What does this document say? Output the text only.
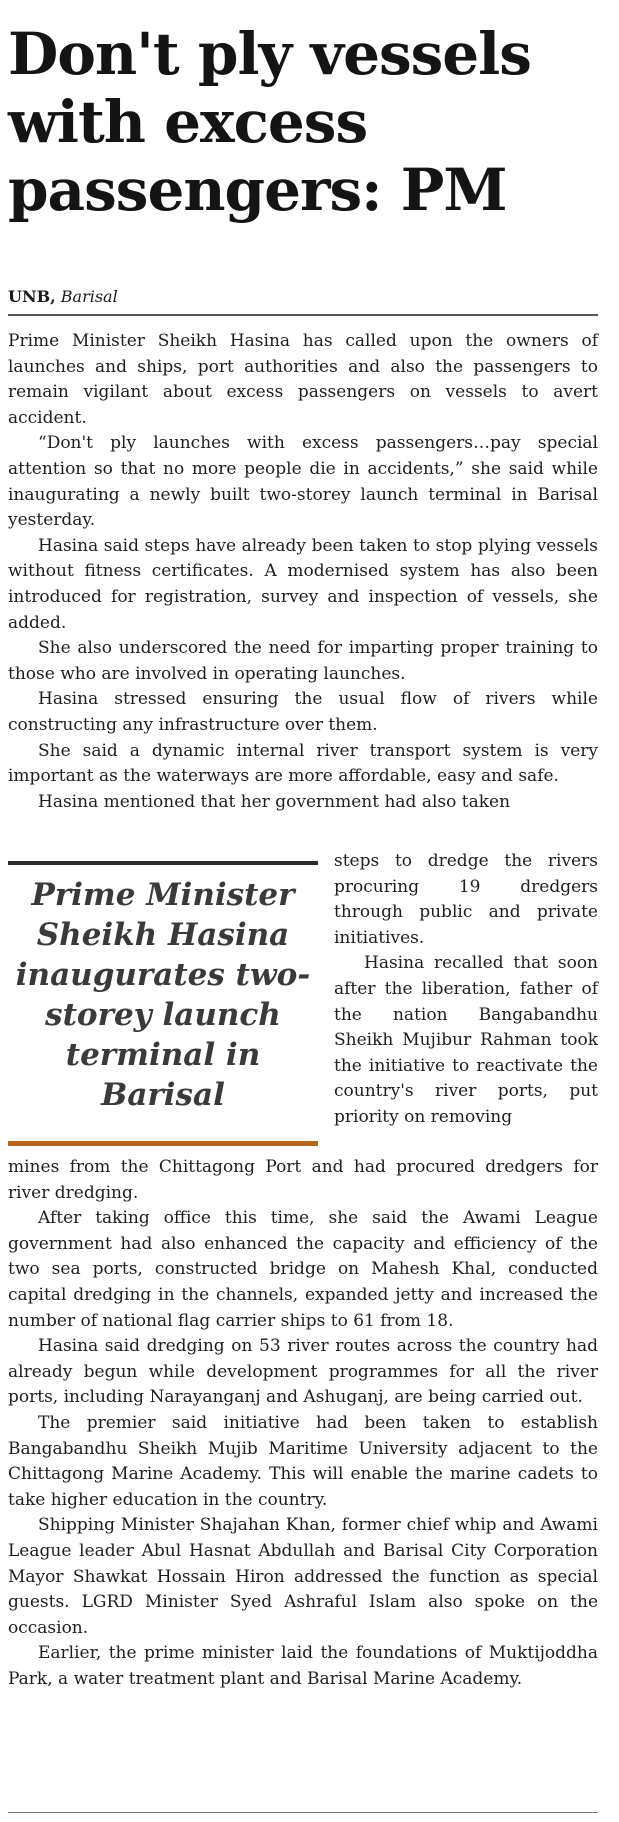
Don't ply vessels with excess passengers: PM
UNB, Barisal

Prime Minister Sheikh Hasina has called upon the owners of launches and ships, port authorities and also the passengers to remain vigilant about excess passengers on vessels to avert accident.

“Don't ply launches with excess passengers…pay special attention so that no more people die in accidents,” she said while inaugurating a newly built two-storey launch terminal in Barisal yesterday.

Hasina said steps have already been taken to stop plying vessels without fitness certificates. A modernised system has also been introduced for registration, survey and inspection of vessels, she added.

She also underscored the need for imparting proper training to those who are involved in operating launches.

Hasina stressed ensuring the usual flow of rivers while constructing any infrastructure over them.

She said a dynamic internal river transport system is very important as the waterways are more affordable, easy and safe.

Hasina mentioned that her government had also taken

Prime Minister Sheikh Hasina inaugurates two-storey launch terminal in Barisal

steps to dredge the rivers procuring 19 dredgers through public and private initiatives.

Hasina recalled that soon after the liberation, father of the nation Bangabandhu Sheikh Mujibur Rahman took the initiative to reactivate the country's river ports, put priority on removing

mines from the Chittagong Port and had procured dredgers for river dredging.

After taking office this time, she said the Awami League government had also enhanced the capacity and efficiency of the two sea ports, constructed bridge on Mahesh Khal, conducted capital dredging in the channels, expanded jetty and increased the number of national flag carrier ships to 61 from 18.

Hasina said dredging on 53 river routes across the country had already begun while development programmes for all the river ports, including Narayanganj and Ashuganj, are being carried out.

The premier said initiative had been taken to establish Bangabandhu Sheikh Mujib Maritime University adjacent to the Chittagong Marine Academy. This will enable the marine cadets to take higher education in the country.

Shipping Minister Shajahan Khan, former chief whip and Awami League leader Abul Hasnat Abdullah and Barisal City Corporation Mayor Shawkat Hossain Hiron addressed the function as special guests. LGRD Minister Syed Ashraful Islam also spoke on the occasion.

Earlier, the prime minister laid the foundations of Muktijoddha Park, a water treatment plant and Barisal Marine Academy.
